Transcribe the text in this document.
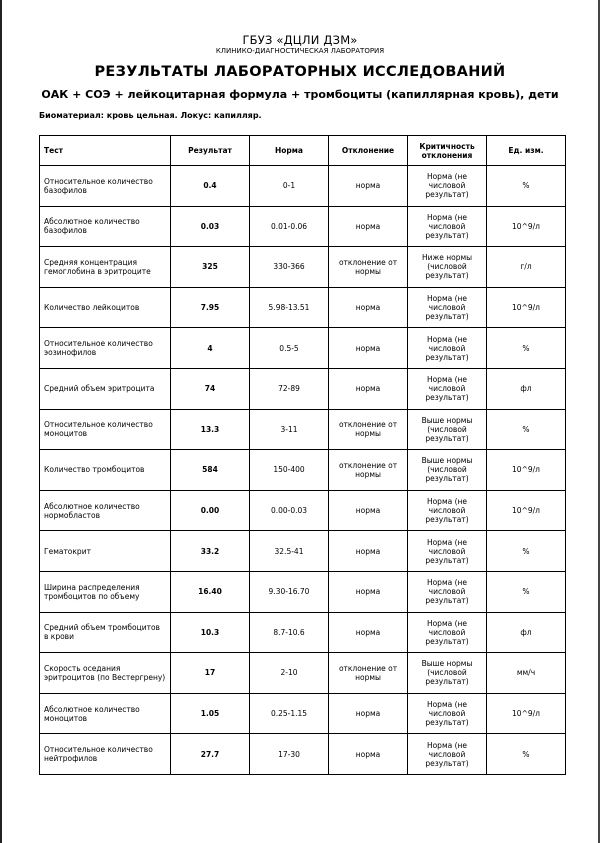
ГБУЗ «ДЦЛИ ДЗМ»
КЛИНИКО-ДИАГНОСТИЧЕСКАЯ ЛАБОРАТОРИЯ
РЕЗУЛЬТАТЫ ЛАБОРАТОРНЫХ ИССЛЕДОВАНИЙ
ОАК + СОЭ + лейкоцитарная формула + тромбоциты (капиллярная кровь), дети
Биоматериал: кровь цельная. Локус: капилляр.
Тест	Результат	Норма	Отклонение	Критичность отклонения	Ед. изм.
Относительное количество базофилов	0.4	0-1	норма	Норма (не числовой результат)	%
Абсолютное количество базофилов	0.03	0.01-0.06	норма	Норма (не числовой результат)	10^9/л
Средняя концентрация гемоглобина в эритроците	325	330-366	отклонение от нормы	Ниже нормы (числовой результат)	г/л
Количество лейкоцитов	7.95	5.98-13.51	норма	Норма (не числовой результат)	10^9/л
Относительное количество эозинофилов	4	0.5-5	норма	Норма (не числовой результат)	%
Средний объем эритроцита	74	72-89	норма	Норма (не числовой результат)	фл
Относительное количество моноцитов	13.3	3-11	отклонение от нормы	Выше нормы (числовой результат)	%
Количество тромбоцитов	584	150-400	отклонение от нормы	Выше нормы (числовой результат)	10^9/л
Абсолютное количество нормобластов	0.00	0.00-0.03	норма	Норма (не числовой результат)	10^9/л
Гематокрит	33.2	32.5-41	норма	Норма (не числовой результат)	%
Ширина распределения тромбоцитов по объему	16.40	9.30-16.70	норма	Норма (не числовой результат)	%
Средний объем тромбоцитов в крови	10.3	8.7-10.6	норма	Норма (не числовой результат)	фл
Скорость оседания эритроцитов (по Вестергрену)	17	2-10	отклонение от нормы	Выше нормы (числовой результат)	мм/ч
Абсолютное количество моноцитов	1.05	0.25-1.15	норма	Норма (не числовой результат)	10^9/л
Относительное количество нейтрофилов	27.7	17-30	норма	Норма (не числовой результат)	%
